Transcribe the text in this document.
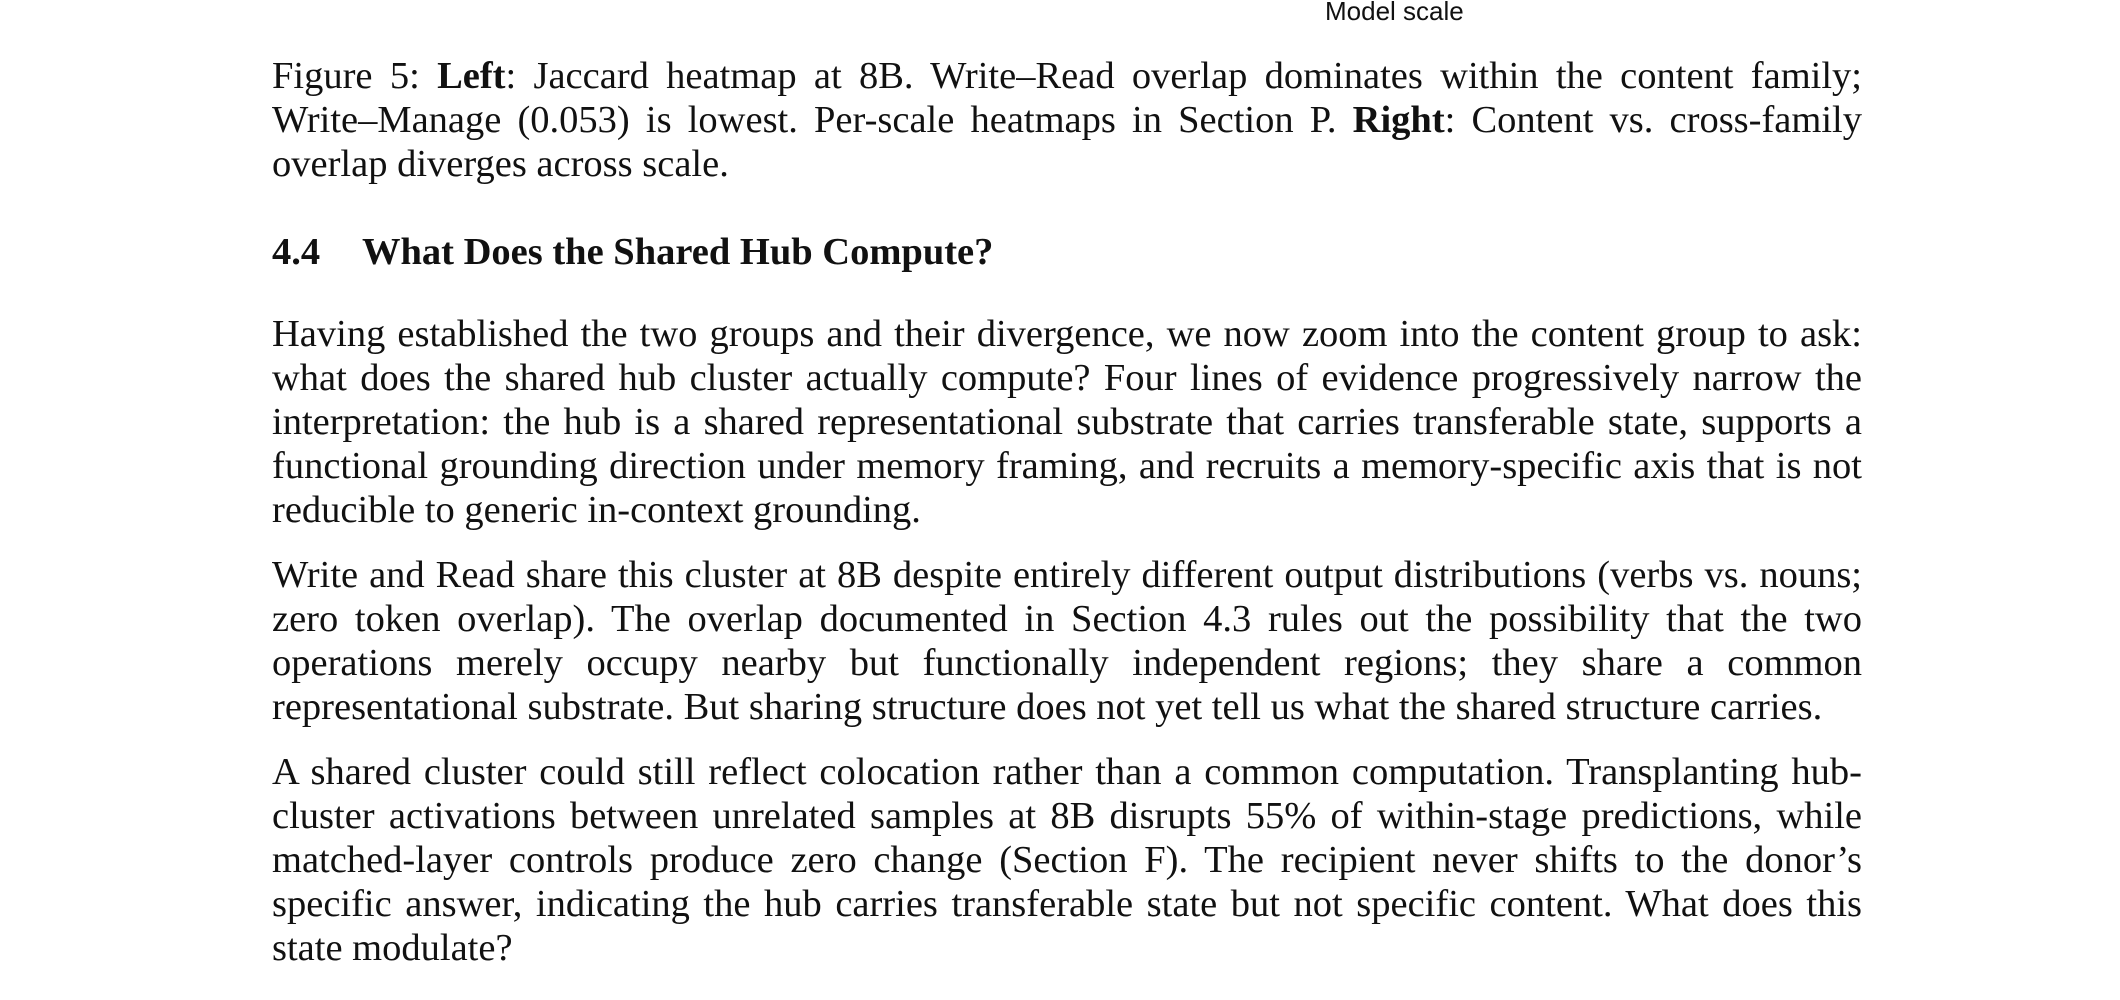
Model scale

Figure 5: Left: Jaccard heatmap at 8B. Write–Read overlap dominates within the content family; Write–Manage (0.053) is lowest. Per-scale heatmaps in Section P. Right: Content vs. cross-family overlap diverges across scale.

4.4 What Does the Shared Hub Compute?

Having established the two groups and their divergence, we now zoom into the content group to ask: what does the shared hub cluster actually compute? Four lines of evidence progressively narrow the interpretation: the hub is a shared representational substrate that carries transferable state, supports a functional grounding direction under memory framing, and recruits a memory-specific axis that is not reducible to generic in-context grounding.

Write and Read share this cluster at 8B despite entirely different output distributions (verbs vs. nouns; zero token overlap). The overlap documented in Section 4.3 rules out the possibility that the two operations merely occupy nearby but functionally independent regions; they share a common representational substrate. But sharing structure does not yet tell us what the shared structure carries.

A shared cluster could still reflect colocation rather than a common computation. Transplanting hub-cluster activations between unrelated samples at 8B disrupts 55% of within-stage predictions, while matched-layer controls produce zero change (Section F). The recipient never shifts to the donor’s specific answer, indicating the hub carries transferable state but not specific content. What does this state modulate?
